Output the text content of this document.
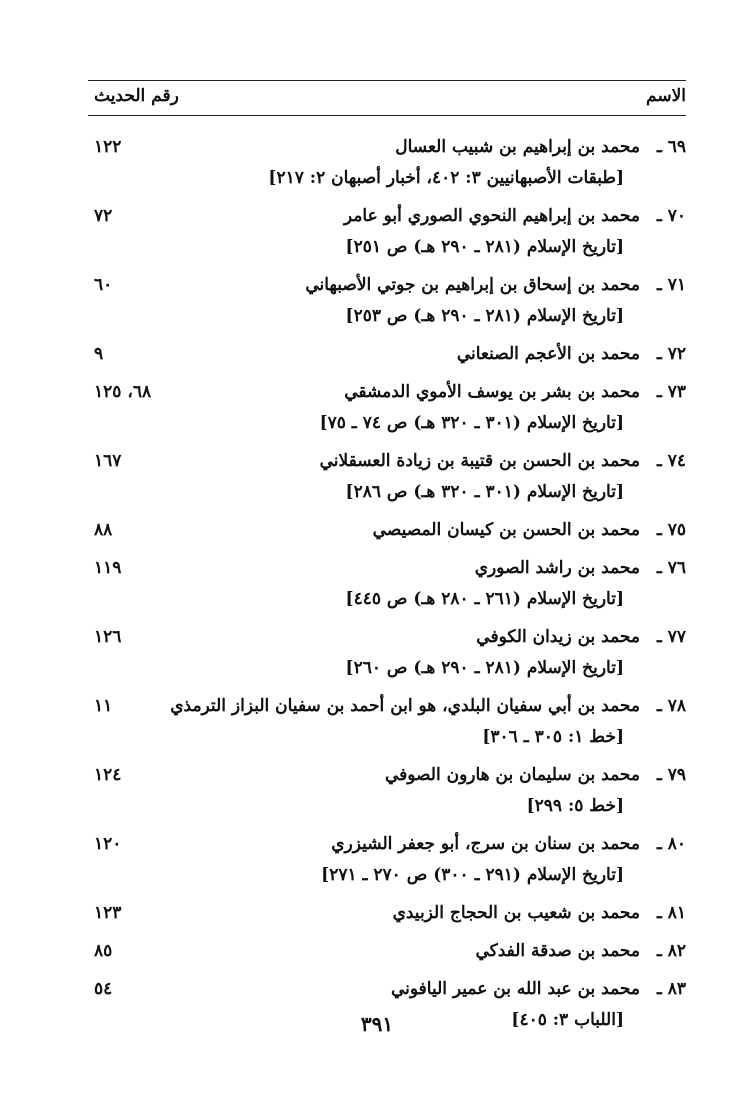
الاسم
رقم الحديث
٦٩ ـمحمد بن إبراهيم بن شبيب العسال
١٢٢
[طبقات الأصبهانيين ٣: ٤٠٢، أخبار أصبهان ٢: ٢١٧]
٧٠ ـمحمد بن إبراهيم النحوي الصوري أبو عامر
٧٢
[تاريخ الإسلام (٢٨١ ـ ٢٩٠ هـ) ص ٢٥١]
٧١ ـمحمد بن إسحاق بن إبراهيم بن جوتي الأصبهاني
٦٠
[تاريخ الإسلام (٢٨١ ـ ٢٩٠ هـ) ص ٢٥٣]
٧٢ ـمحمد بن الأعجم الصنعاني
٩
٧٣ ـمحمد بن بشر بن يوسف الأموي الدمشقي
٦٨، ١٢٥
[تاريخ الإسلام (٣٠١ ـ ٣٢٠ هـ) ص ٧٤ ـ ٧٥]
٧٤ ـمحمد بن الحسن بن قتيبة بن زيادة العسقلاني
١٦٧
[تاريخ الإسلام (٣٠١ ـ ٣٢٠ هـ) ص ٢٨٦]
٧٥ ـمحمد بن الحسن بن كيسان المصيصي
٨٨
٧٦ ـمحمد بن راشد الصوري
١١٩
[تاريخ الإسلام (٢٦١ ـ ٢٨٠ هـ) ص ٤٤٥]
٧٧ ـمحمد بن زيدان الكوفي
١٢٦
[تاريخ الإسلام (٢٨١ ـ ٢٩٠ هـ) ص ٢٦٠]
٧٨ ـمحمد بن أبي سفيان البلدي، هو ابن أحمد بن سفيان البزاز الترمذي
١١
[خط ١: ٣٠٥ ـ ٣٠٦]
٧٩ ـمحمد بن سليمان بن هارون الصوفي
١٢٤
[خط ٥: ٢٩٩]
٨٠ ـمحمد بن سنان بن سرج، أبو جعفر الشيزري
١٢٠
[تاريخ الإسلام (٢٩١ ـ ٣٠٠) ص ٢٧٠ ـ ٢٧١]
٨١ ـمحمد بن شعيب بن الحجاج الزبيدي
١٢٣
٨٢ ـمحمد بن صدقة الفدكي
٨٥
٨٣ ـمحمد بن عبد الله بن عمير اليافوني
٥٤
[اللباب ٣: ٤٠٥]
٣٩١
